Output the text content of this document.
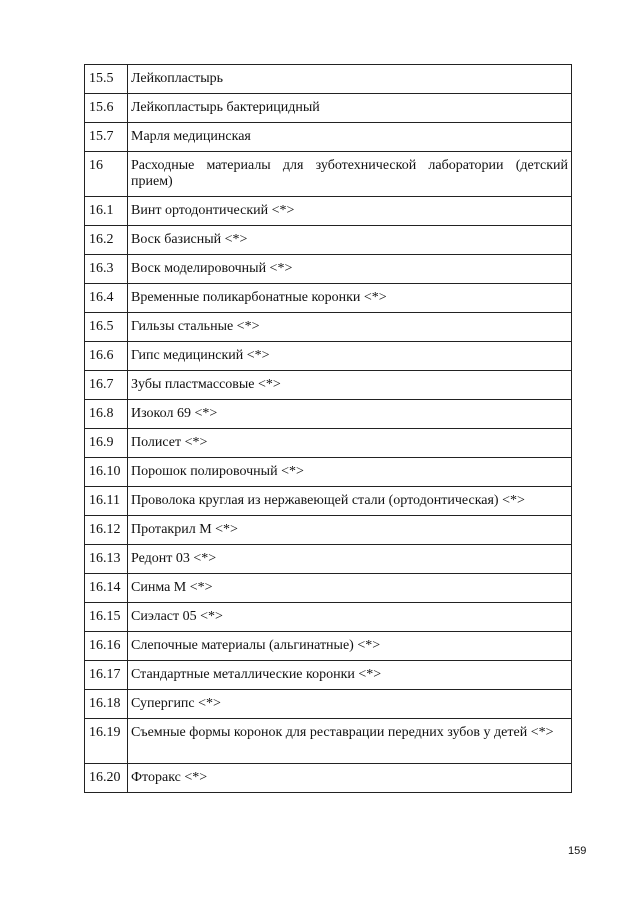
15.5	Лейкопластырь
15.6	Лейкопластырь бактерицидный
15.7	Марля медицинская
16	Расходные материалы для зуботехнической лаборатории (детский прием)
16.1	Винт ортодонтический <*>
16.2	Воск базисный <*>
16.3	Воск моделировочный <*>
16.4	Временные поликарбонатные коронки <*>
16.5	Гильзы стальные <*>
16.6	Гипс медицинский <*>
16.7	Зубы пластмассовые <*>
16.8	Изокол 69 <*>
16.9	Полисет <*>
16.10	Порошок полировочный <*>
16.11	Проволока круглая из нержавеющей стали (ортодонтическая) <*>
16.12	Протакрил М <*>
16.13	Редонт 03 <*>
16.14	Синма М <*>
16.15	Сиэласт 05 <*>
16.16	Слепочные материалы (альгинатные) <*>
16.17	Стандартные металлические коронки <*>
16.18	Супергипс <*>
16.19	Съемные формы коронок для реставрации передних зубов у детей <*>
16.20	Фторакс <*>
159
